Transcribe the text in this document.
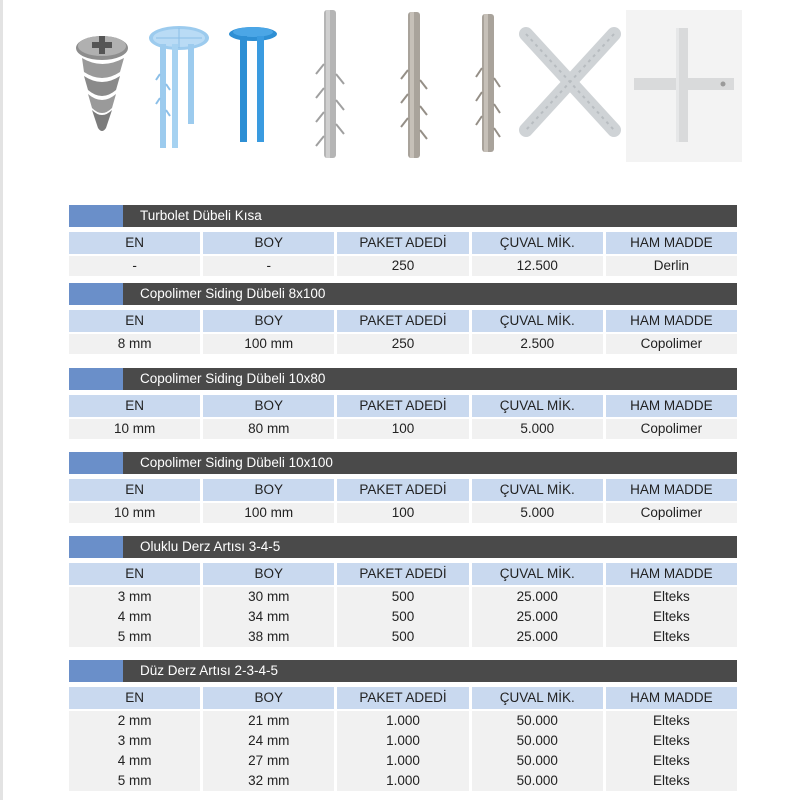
Turbolet Dübeli Kısa
EN	BOY	PAKET ADEDİ	ÇUVAL MİK.	HAM MADDE
-	-	250	12.500	Derlin
Copolimer Siding Dübeli 8x100
EN	BOY	PAKET ADEDİ	ÇUVAL MİK.	HAM MADDE
8 mm	100 mm	250	2.500	Copolimer
Copolimer Siding Dübeli 10x80
EN	BOY	PAKET ADEDİ	ÇUVAL MİK.	HAM MADDE
10 mm	80 mm	100	5.000	Copolimer
Copolimer Siding Dübeli 10x100
EN	BOY	PAKET ADEDİ	ÇUVAL MİK.	HAM MADDE
10 mm	100 mm	100	5.000	Copolimer
Oluklu Derz Artısı 3-4-5
EN	BOY	PAKET ADEDİ	ÇUVAL MİK.	HAM MADDE
3 mm	30 mm	500	25.000	Elteks
4 mm	34 mm	500	25.000	Elteks
5 mm	38 mm	500	25.000	Elteks
Düz Derz Artısı 2-3-4-5
EN	BOY	PAKET ADEDİ	ÇUVAL MİK.	HAM MADDE
2 mm	21 mm	1.000	50.000	Elteks
3 mm	24 mm	1.000	50.000	Elteks
4 mm	27 mm	1.000	50.000	Elteks
5 mm	32 mm	1.000	50.000	Elteks
